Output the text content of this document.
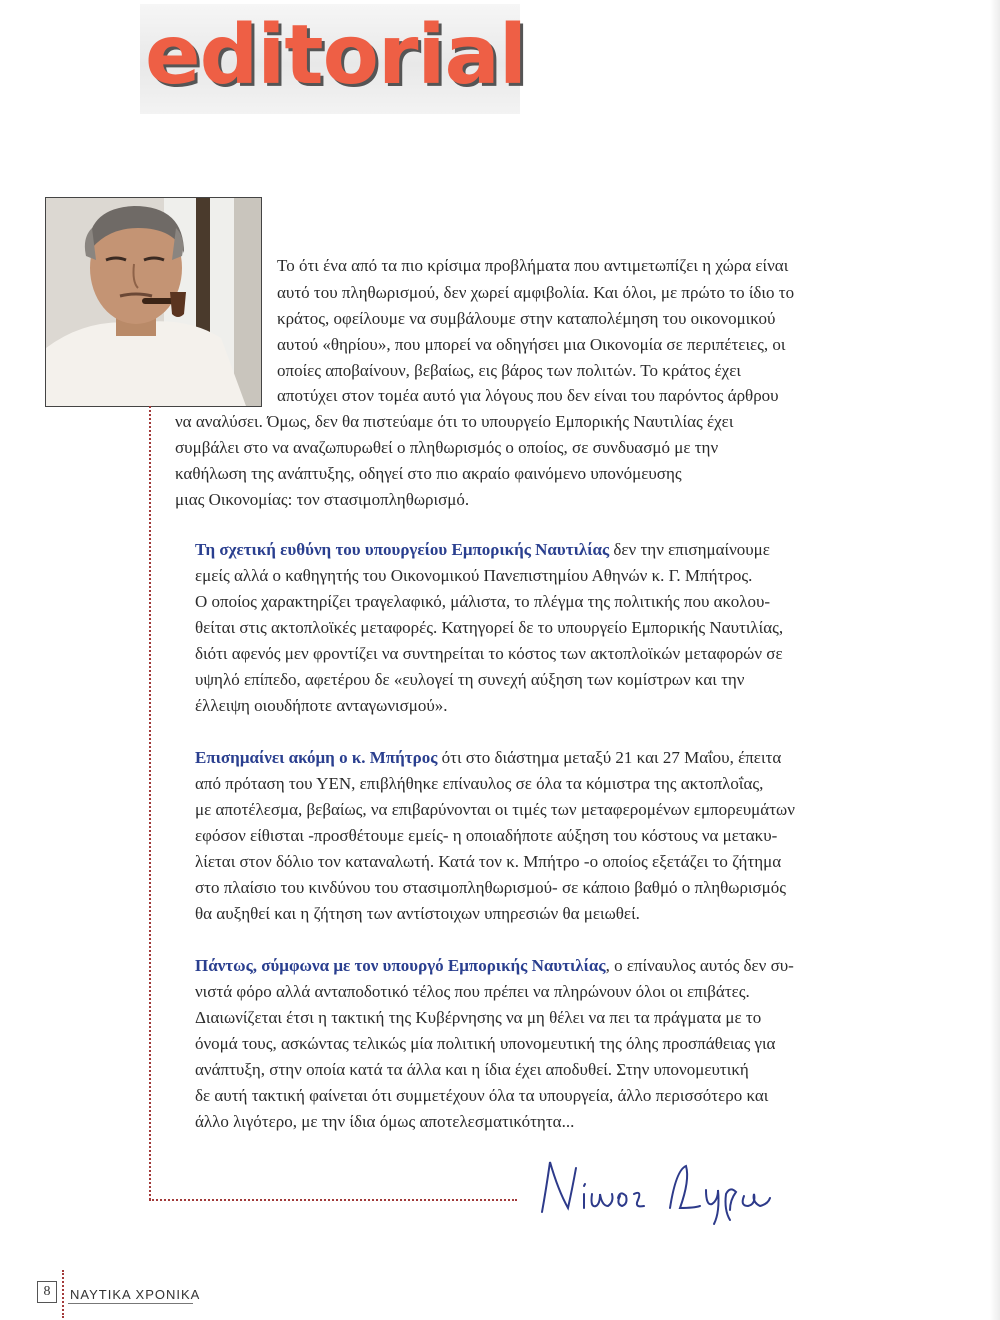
editorial

Το ότι ένα από τα πιο κρίσιμα προβλήματα που αντιμετωπίζει η χώρα είναι

αυτό του πληθωρισμού, δεν χωρεί αμφιβολία. Και όλοι, με πρώτο το ίδιο το

κράτος, οφείλουμε να συμβάλουμε στην καταπολέμηση του οικονομικού

αυτού «θηρίου», που μπορεί να οδηγήσει μια Οικονομία σε περιπέτειες, οι

οποίες αποβαίνουν, βεβαίως, εις βάρος των πολιτών. Το κράτος έχει

αποτύχει στον τομέα αυτό για λόγους που δεν είναι του παρόντος άρθρου

να αναλύσει. Όμως, δεν θα πιστεύαμε ότι το υπουργείο Εμπορικής Ναυτιλίας έχει

συμβάλει στο να αναζωπυρωθεί ο πληθωρισμός ο οποίος, σε συνδυασμό με την

καθήλωση της ανάπτυξης, οδηγεί στο πιο ακραίο φαινόμενο υπονόμευσης

μιας Οικονομίας: τον στασιμοπληθωρισμό.

Τη σχετική ευθύνη του υπουργείου Εμπορικής Ναυτιλίας δεν την επισημαίνουμε

εμείς αλλά ο καθηγητής του Οικονομικού Πανεπιστημίου Αθηνών κ. Γ. Μπήτρος.

Ο οποίος χαρακτηρίζει τραγελαφικό, μάλιστα, το πλέγμα της πολιτικής που ακολου-

θείται στις ακτοπλοϊκές μεταφορές. Κατηγορεί δε το υπουργείο Εμπορικής Ναυτιλίας,

διότι αφενός μεν φροντίζει να συντηρείται το κόστος των ακτοπλοϊκών μεταφορών σε

υψηλό επίπεδο, αφετέρου δε «ευλογεί τη συνεχή αύξηση των κομίστρων και την

έλλειψη οιουδήποτε ανταγωνισμού».

Επισημαίνει ακόμη ο κ. Μπήτρος ότι στο διάστημα μεταξύ 21 και 27 Μαΐου, έπειτα

από πρόταση του ΥΕΝ, επιβλήθηκε επίναυλος σε όλα τα κόμιστρα της ακτοπλοΐας,

με αποτέλεσμα, βεβαίως, να επιβαρύνονται οι τιμές των μεταφερομένων εμπορευμάτων

εφόσον είθισται -προσθέτουμε εμείς- η οποιαδήποτε αύξηση του κόστους να μετακυ-

λίεται στον δόλιο τον καταναλωτή. Κατά τον κ. Μπήτρο -ο οποίος εξετάζει το ζήτημα

στο πλαίσιο του κινδύνου του στασιμοπληθωρισμού- σε κάποιο βαθμό ο πληθωρισμός

θα αυξηθεί και η ζήτηση των αντίστοιχων υπηρεσιών θα μειωθεί.

Πάντως, σύμφωνα με τον υπουργό Εμπορικής Ναυτιλίας, ο επίναυλος αυτός δεν συ-

νιστά φόρο αλλά ανταποδοτικό τέλος που πρέπει να πληρώνουν όλοι οι επιβάτες.

Διαιωνίζεται έτσι η τακτική της Κυβέρνησης να μη θέλει να πει τα πράγματα με το

όνομά τους, ασκώντας τελικώς μία πολιτική υπονομευτική της όλης προσπάθειας για

ανάπτυξη, στην οποία κατά τα άλλα και η ίδια έχει αποδυθεί. Στην υπονομευτική

δε αυτή τακτική φαίνεται ότι συμμετέχουν όλα τα υπουργεία, άλλο περισσότερο και

άλλο λιγότερο, με την ίδια όμως αποτελεσματικότητα...

8	ΝΑΥΤΙΚΑ ΧΡΟΝΙΚΑ
